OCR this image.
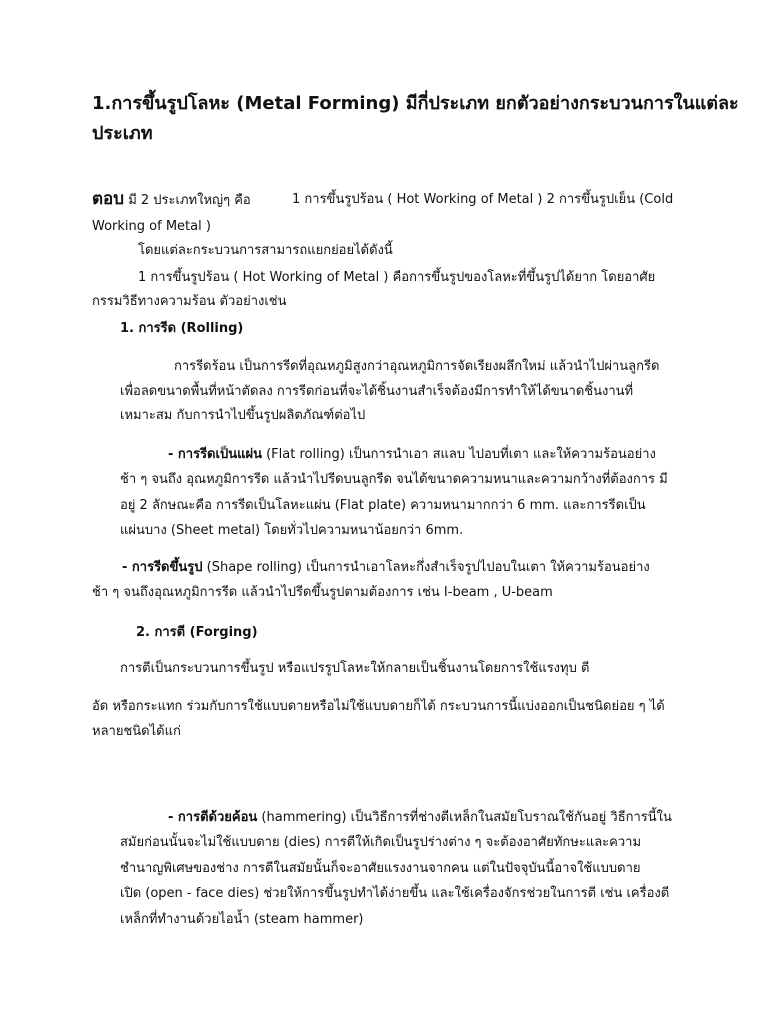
1.การขึ้นรูปโลหะ (Metal Forming) มีกี่ประเภท ยกตัวอย่างกระบวนการในแต่ละ
ประเภท
ตอบ มี 2 ประเภทใหญ่ๆ คือ	1 การขึ้นรูปร้อน ( Hot Working of Metal ) 2 การขึ้นรูปเย็น (Cold
Working of Metal )
โดยแต่ละกระบวนการสามารถแยกย่อยได้ดังนี้
1 การขึ้นรูปร้อน ( Hot Working of Metal ) คือการขึ้นรูปของโลหะที่ขึ้นรูปได้ยาก โดยอาศัย
กรรมวิธีทางความร้อน ตัวอย่างเช่น
1. การรีด (Rolling)
การรีดร้อน เป็นการรีดที่อุณหภูมิสูงกว่าอุณหภูมิการจัดเรียงผลึกใหม่ แล้วนำไปผ่านลูกรีด
เพื่อลดขนาดพื้นที่หน้าตัดลง การรีดก่อนที่จะได้ชิ้นงานสำเร็จต้องมีการทำให้ได้ขนาดชิ้นงานที่
เหมาะสม กับการนำไปขึ้นรูปผลิตภัณฑ์ต่อไป
- การรีดเป็นแผ่น (Flat rolling) เป็นการนำเอา สแลบ ไปอบที่เตา และให้ความร้อนอย่าง
ช้า ๆ จนถึง อุณหภูมิการรีด แล้วนำไปรีดบนลูกรีด จนได้ขนาดความหนาและความกว้างที่ต้องการ มี
อยู่ 2 ลักษณะคือ การรีดเป็นโลหะแผ่น (Flat plate) ความหนามากกว่า 6 mm. และการรีดเป็น
แผ่นบาง (Sheet metal) โดยทั่วไปความหนาน้อยกว่า 6mm.
- การรีดขึ้นรูป (Shape rolling) เป็นการนำเอาโลหะกึ่งสำเร็จรูปไปอบในเตา ให้ความร้อนอย่าง
ช้า ๆ จนถึงอุณหภูมิการรีด แล้วนำไปรีดขึ้นรูปตามต้องการ เช่น I-beam , U-beam
2. การตี (Forging)
การตีเป็นกระบวนการขึ้นรูป หรือแปรรูปโลหะให้กลายเป็นชิ้นงานโดยการใช้แรงทุบ ตี
อัด หรือกระแทก ร่วมกับการใช้แบบดายหรือไม่ใช้แบบดายก็ได้ กระบวนการนี้แบ่งออกเป็นชนิดย่อย ๆ ได้
หลายชนิดได้แก่
- การตีด้วยค้อน (hammering) เป็นวิธีการที่ช่างตีเหล็กในสมัยโบราณใช้กันอยู่ วิธีการนี้ใน
สมัยก่อนนั้นจะไม่ใช้แบบดาย (dies) การตีให้เกิดเป็นรูปร่างต่าง ๆ จะต้องอาศัยทักษะและความ
ชำนาญพิเศษของช่าง การตีในสมัยนั้นก็จะอาศัยแรงงานจากคน แต่ในปัจจุบันนี้อาจใช้แบบดาย
เปิด (open - face dies) ช่วยให้การขึ้นรูปทำได้ง่ายขึ้น และใช้เครื่องจักรช่วยในการตี เช่น เครื่องตี
เหล็กที่ทำงานด้วยไอน้ำ (steam hammer)
